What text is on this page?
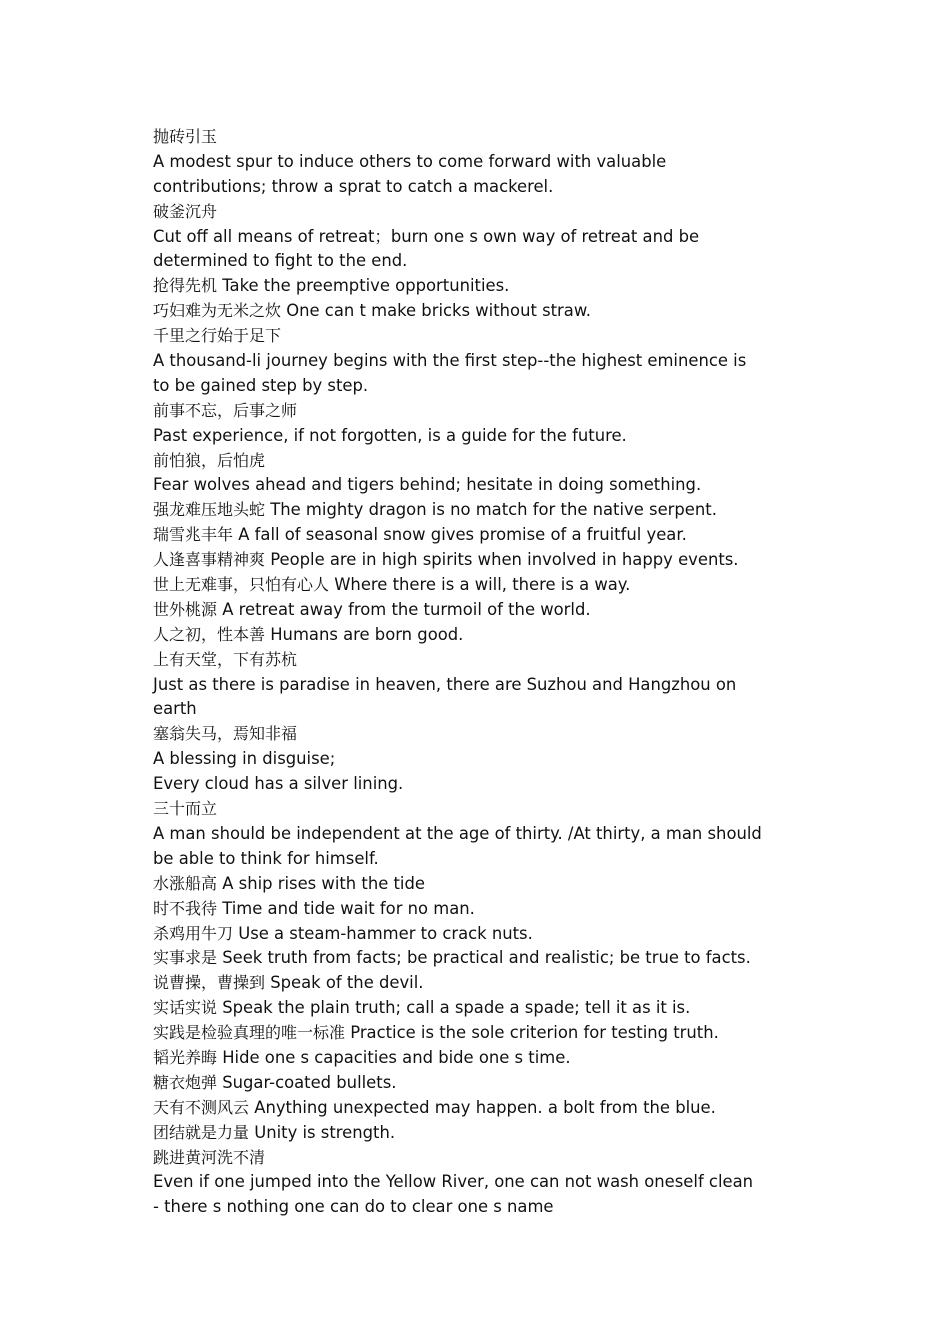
抛砖引玉
A modest spur to induce others to come forward with valuable
contributions; throw a sprat to catch a mackerel.
破釜沉舟
Cut off all means of retreat；burn one s own way of retreat and be
determined to fight to the end.
抢得先机 Take the preemptive opportunities.
巧妇难为无米之炊 One can t make bricks without straw.
千里之行始于足下
A thousand-li journey begins with the first step--the highest eminence is
to be gained step by step.
前事不忘，后事之师
Past experience, if not forgotten, is a guide for the future.
前怕狼，后怕虎
Fear wolves ahead and tigers behind; hesitate in doing something.
强龙难压地头蛇 The mighty dragon is no match for the native serpent.
瑞雪兆丰年 A fall of seasonal snow gives promise of a fruitful year.
人逢喜事精神爽 People are in high spirits when involved in happy events.
世上无难事，只怕有心人 Where there is a will, there is a way.
世外桃源 A retreat away from the turmoil of the world.
人之初，性本善 Humans are born good.
上有天堂，下有苏杭
Just as there is paradise in heaven, there are Suzhou and Hangzhou on
earth
塞翁失马，焉知非福
A blessing in disguise;
Every cloud has a silver lining.
三十而立
A man should be independent at the age of thirty. /At thirty, a man should
be able to think for himself.
水涨船高 A ship rises with the tide
时不我待 Time and tide wait for no man.
杀鸡用牛刀 Use a steam-hammer to crack nuts.
实事求是 Seek truth from facts; be practical and realistic; be true to facts.
说曹操，曹操到 Speak of the devil.
实话实说 Speak the plain truth; call a spade a spade; tell it as it is.
实践是检验真理的唯一标准 Practice is the sole criterion for testing truth.
韬光养晦 Hide one s capacities and bide one s time.
糖衣炮弹 Sugar-coated bullets.
天有不测风云 Anything unexpected may happen. a bolt from the blue.
团结就是力量 Unity is strength.
跳进黄河洗不清
Even if one jumped into the Yellow River, one can not wash oneself clean
- there s nothing one can do to clear one s name
